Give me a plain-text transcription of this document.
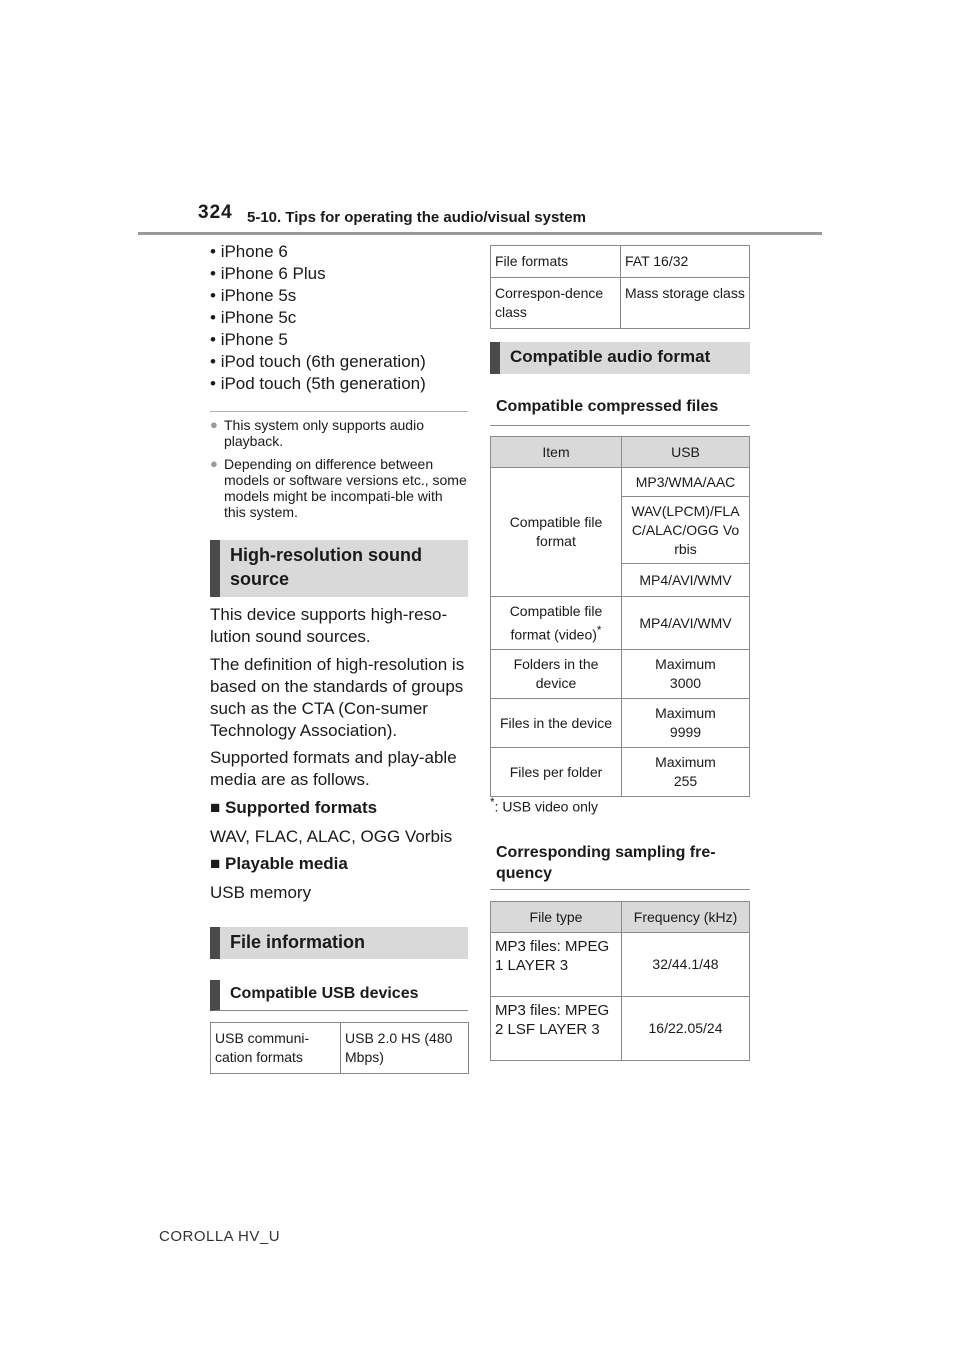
324 5-10. Tips for operating the audio/visual system
• iPhone 6
• iPhone 6 Plus
• iPhone 5s
• iPhone 5c
• iPhone 5
• iPod touch (6th generation)
• iPod touch (5th generation)
● This system only supports audio playback.
● Depending on difference between models or software versions etc., some models might be incompati-ble with this system.
High-resolution sound source
This device supports high-reso-lution sound sources.
The definition of high-resolution is based on the standards of groups such as the CTA (Con-sumer Technology Association).
Supported formats and play-able media are as follows.
■ Supported formats
WAV, FLAC, ALAC, OGG Vorbis
■ Playable media
USB memory
File information
Compatible USB devices
USB communi-cation formats	USB 2.0 HS (480 Mbps)
File formats	FAT 16/32
Correspon-dence class	Mass storage class
Compatible audio format
Compatible compressed files
Item	USB
Compatible file format	MP3/WMA/AAC
	WAV(LPCM)/FLAC/ALAC/OGG Vorbis
	MP4/AVI/WMV
Compatible file format (video)*	MP4/AVI/WMV
Folders in the device	Maximum 3000
Files in the device	Maximum 9999
Files per folder	Maximum 255
*: USB video only
Corresponding sampling fre-quency
File type	Frequency (kHz)
MP3 files: MPEG 1 LAYER 3	32/44.1/48
MP3 files: MPEG 2 LSF LAYER 3	16/22.05/24
COROLLA HV_U
